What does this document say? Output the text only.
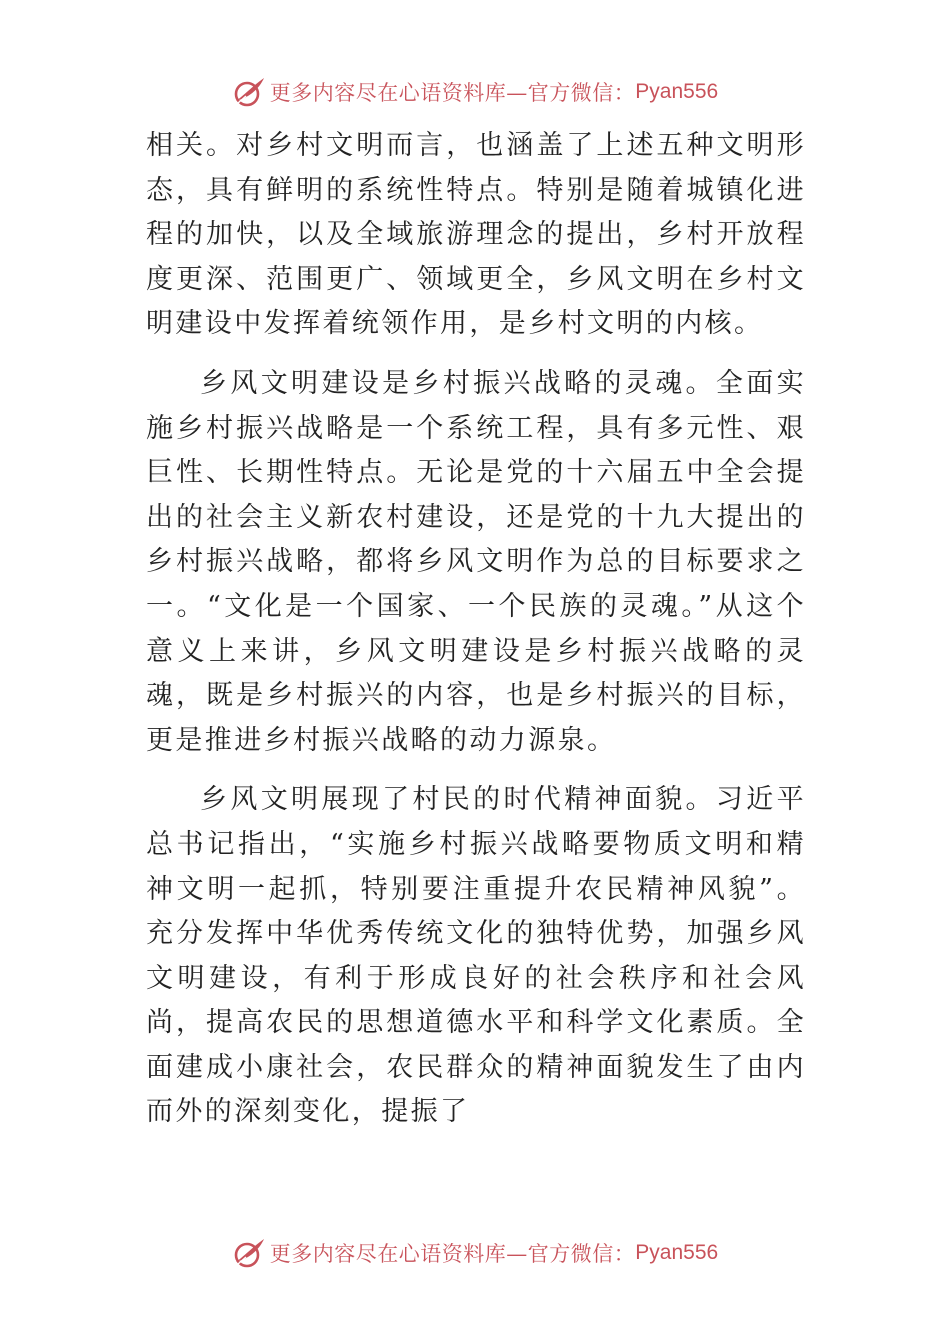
更多内容尽在心语资料库—官方微信： Pyan556

相关。对乡村文明而言，也涵盖了上述五种文明形态，具有鲜明的系统性特点。特别是随着城镇化进程的加快，以及全域旅游理念的提出，乡村开放程度更深、范围更广、领域更全，乡风文明在乡村文明建设中发挥着统领作用，是乡村文明的内核。

乡风文明建设是乡村振兴战略的灵魂。全面实施乡村振兴战略是一个系统工程，具有多元性、艰巨性、长期性特点。无论是党的十六届五中全会提出的社会主义新农村建设，还是党的十九大提出的乡村振兴战略，都将乡风文明作为总的目标要求之一。“文化是一个国家、一个民族的灵魂。”从这个意义上来讲，乡风文明建设是乡村振兴战略的灵魂，既是乡村振兴的内容，也是乡村振兴的目标，更是推进乡村振兴战略的动力源泉。

乡风文明展现了村民的时代精神面貌。习近平总书记指出，“实施乡村振兴战略要物质文明和精神文明一起抓，特别要注重提升农民精神风貌”。充分发挥中华优秀传统文化的独特优势，加强乡风文明建设，有利于形成良好的社会秩序和社会风尚，提高农民的思想道德水平和科学文化素质。全面建成小康社会，农民群众的精神面貌发生了由内而外的深刻变化，提振了

更多内容尽在心语资料库—官方微信： Pyan556
